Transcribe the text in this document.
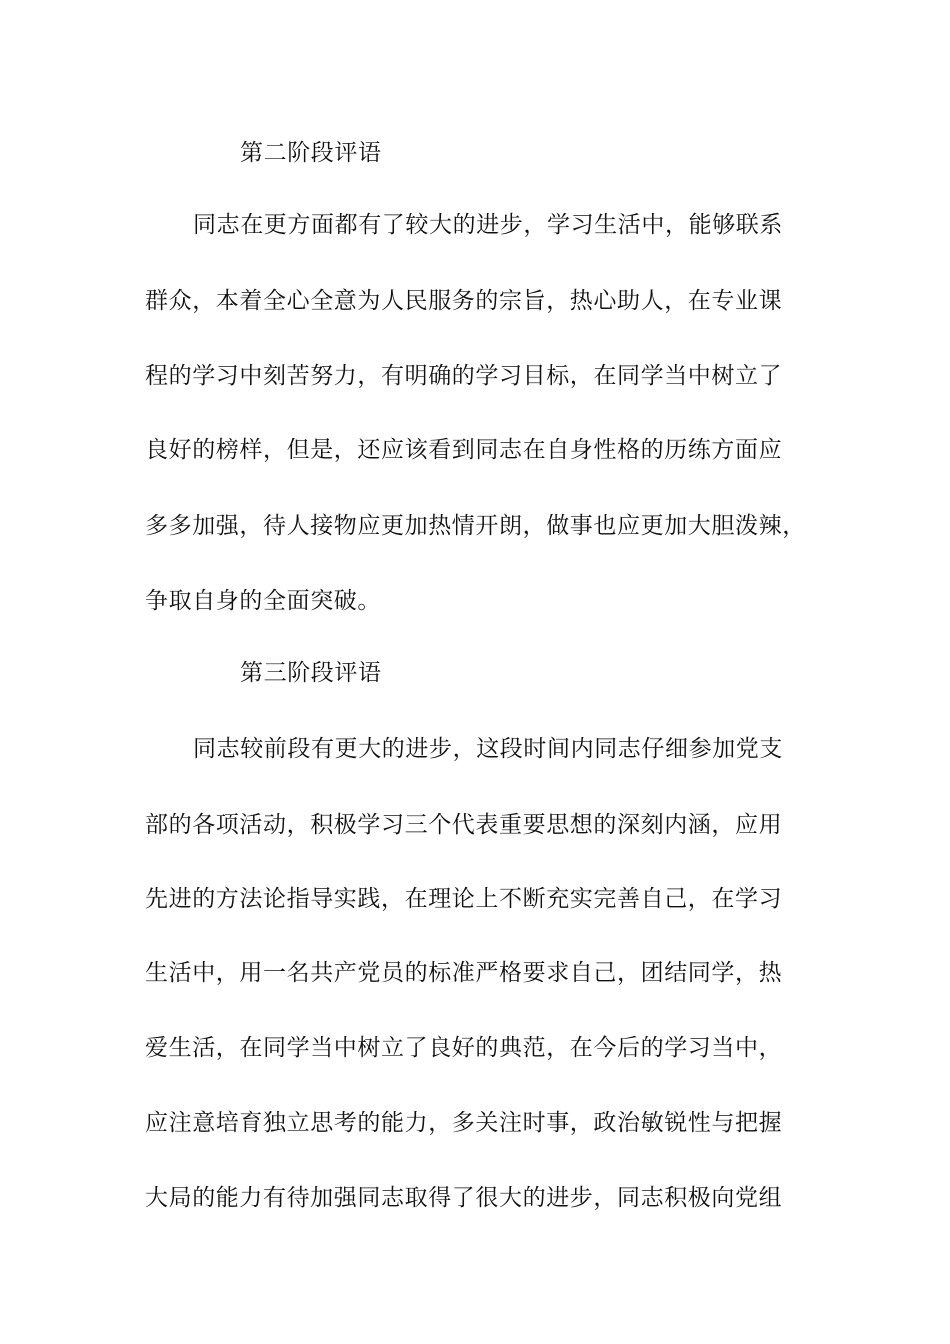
第二阶段评语
同志在更方面都有了较大的进步，学习生活中，能够联系
群众，本着全心全意为人民服务的宗旨，热心助人，在专业课
程的学习中刻苦努力，有明确的学习目标，在同学当中树立了
良好的榜样，但是，还应该看到同志在自身性格的历练方面应
多多加强，待人接物应更加热情开朗，做事也应更加大胆泼辣，
争取自身的全面突破。
第三阶段评语
同志较前段有更大的进步，这段时间内同志仔细参加党支
部的各项活动，积极学习三个代表重要思想的深刻内涵，应用
先进的方法论指导实践，在理论上不断充实完善自己，在学习
生活中，用一名共产党员的标准严格要求自己，团结同学，热
爱生活，在同学当中树立了良好的典范，在今后的学习当中，
应注意培育独立思考的能力，多关注时事，政治敏锐性与把握
大局的能力有待加强同志取得了很大的进步，同志积极向党组
